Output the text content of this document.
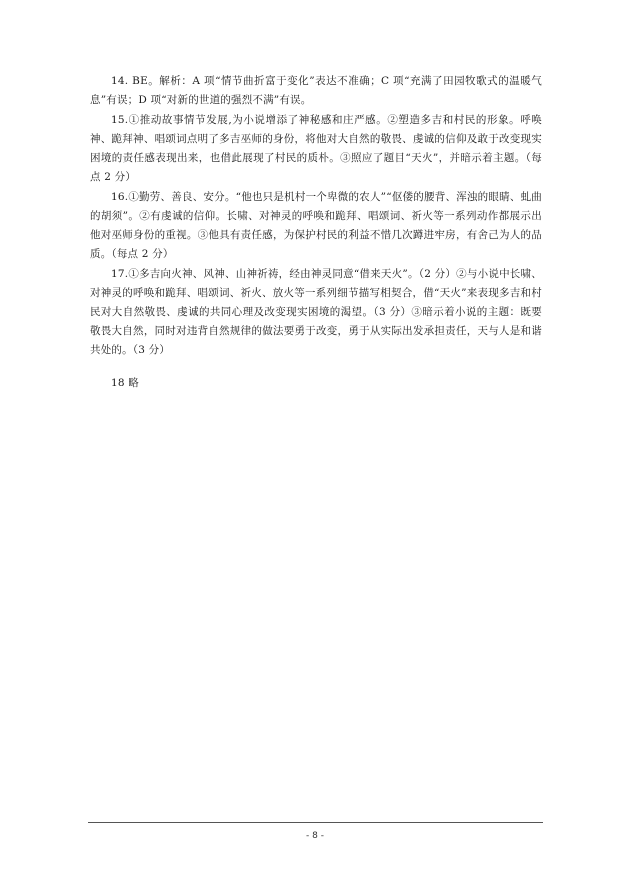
14. BE。解析：A 项“情节曲折富于变化”表达不准确；C 项“充满了田园牧歌式的温暖气息”有误；D 项“对新的世道的强烈不满”有误。

15.①推动故事情节发展,为小说增添了神秘感和庄严感。②塑造多吉和村民的形象。呼唤神、跪拜神、唱颂词点明了多吉巫师的身份，将他对大自然的敬畏、虔诚的信仰及敢于改变现实困境的责任感表现出来，也借此展现了村民的质朴。③照应了题目“天火”，并暗示着主题。（每点 2 分）

16.①勤劳、善良、安分。“他也只是机村一个卑微的农人”“伛偻的腰背、浑浊的眼睛、虬曲的胡须”。②有虔诚的信仰。长啸、对神灵的呼唤和跪拜、唱颂词、祈火等一系列动作都展示出他对巫师身份的重视。③他具有责任感，为保护村民的利益不惜几次蹲进牢房，有舍己为人的品质。（每点 2 分）

17.①多吉向火神、风神、山神祈祷，经由神灵同意“借来天火”。（2 分）②与小说中长啸、对神灵的呼唤和跪拜、唱颂词、祈火、放火等一系列细节描写相契合，借“天火”来表现多吉和村民对大自然敬畏、虔诚的共同心理及改变现实困境的渴望。（3 分）③暗示着小说的主题：既要敬畏大自然，同时对违背自然规律的做法要勇于改变，勇于从实际出发承担责任，天与人是和谐共处的。（3 分）

18 略

- 8 -
